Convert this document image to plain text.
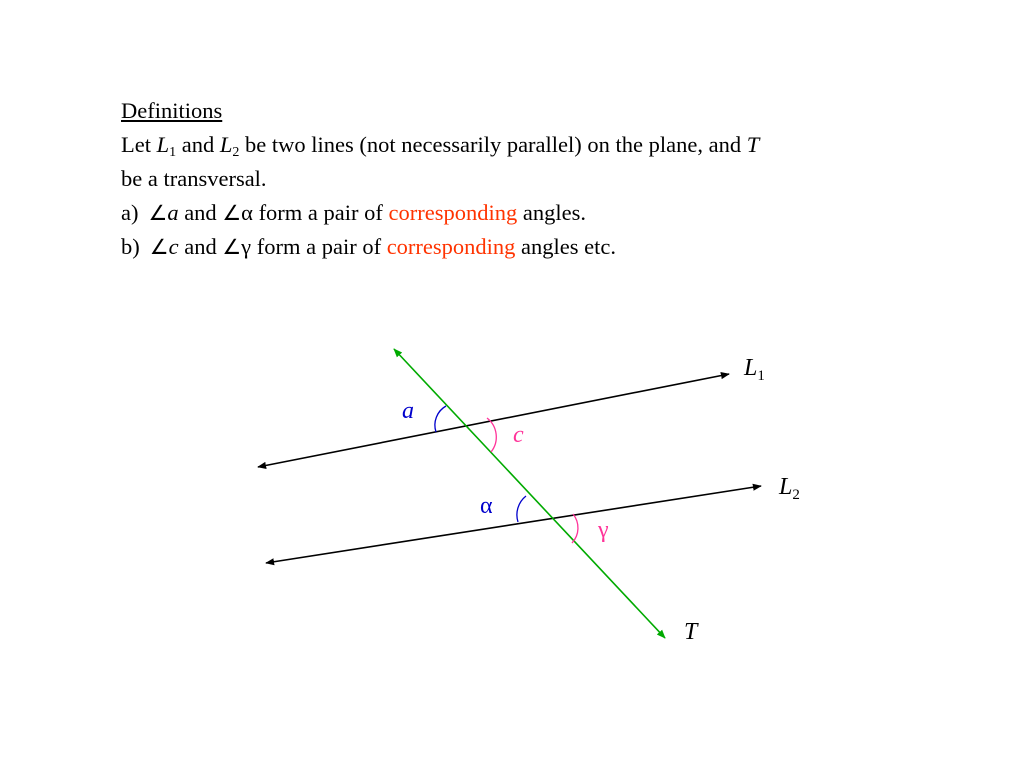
Definitions
Let $L_1$ and $L_2$ be two lines (not necessarily parallel) on the plane, and T
be a transversal.
a) ∠a and ∠α form a pair of corresponding angles.
b) ∠c and ∠γ form a pair of corresponding angles etc.
$L_1$
$L_2$
T
a
c
α
γ
